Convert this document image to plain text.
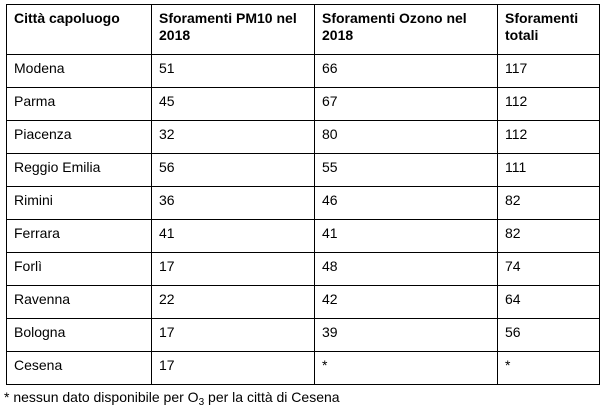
Città capoluogo	Sforamenti PM10 nel 2018	Sforamenti Ozono nel 2018	Sforamenti totali
Modena	51	66	117
Parma	45	67	112
Piacenza	32	80	112
Reggio Emilia	56	55	111
Rimini	36	46	82
Ferrara	41	41	82
Forlì	17	48	74
Ravenna	22	42	64
Bologna	17	39	56
Cesena	17	*	*
* nessun dato disponibile per $O_3$ per la città di Cesena
